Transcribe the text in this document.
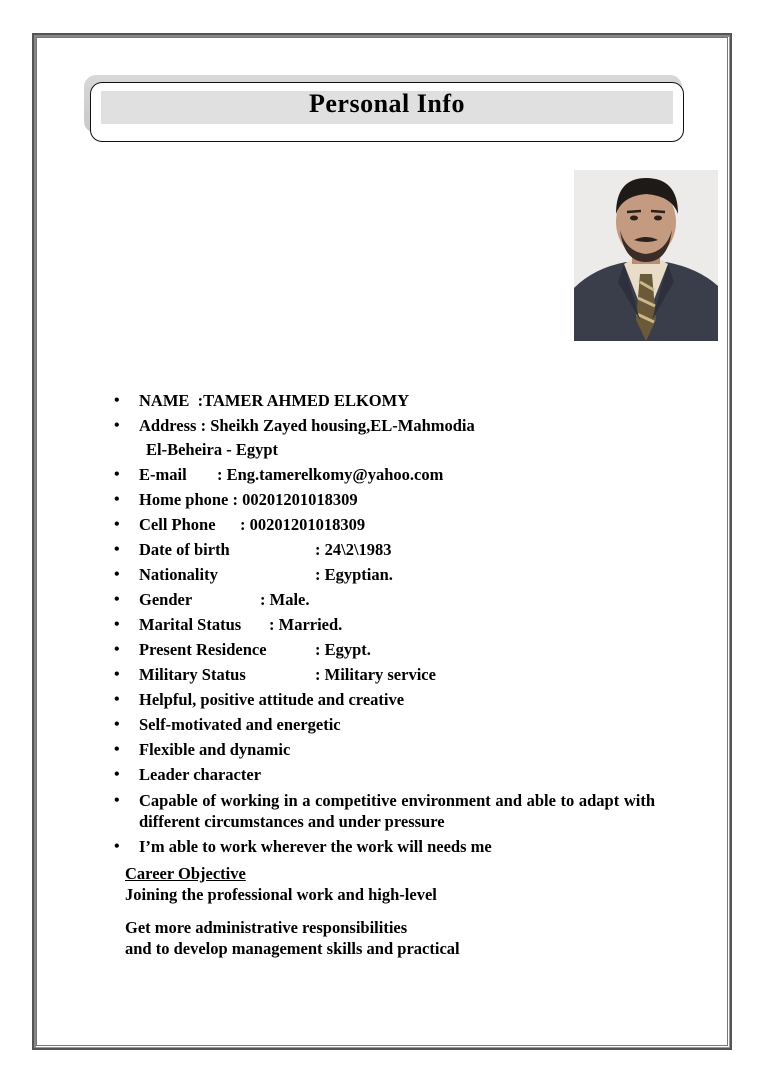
Personal Info
• NAME :TAMER AHMED ELKOMY
• Address : Sheikh Zayed housing,EL-Mahmodia
El-Beheira - Egypt
• E-mail : Eng.tamerelkomy@yahoo.com
• Home phone : 00201201018309
• Cell Phone : 00201201018309
• Date of birth	: 24\2\1983
• Nationality	: Egyptian.
• Gender	: Male.
• Marital Status : Married.
• Present Residence	: Egypt.
• Military Status	: Military service
• Helpful, positive attitude and creative
• Self-motivated and energetic
• Flexible and dynamic
• Leader character
• Capable of working in a competitive environment and able to adapt with different circumstances and under pressure
• I’m able to work wherever the work will needs me
Career Objective
Joining the professional work and high-level
Get more administrative responsibilities
and to develop management skills and practical
